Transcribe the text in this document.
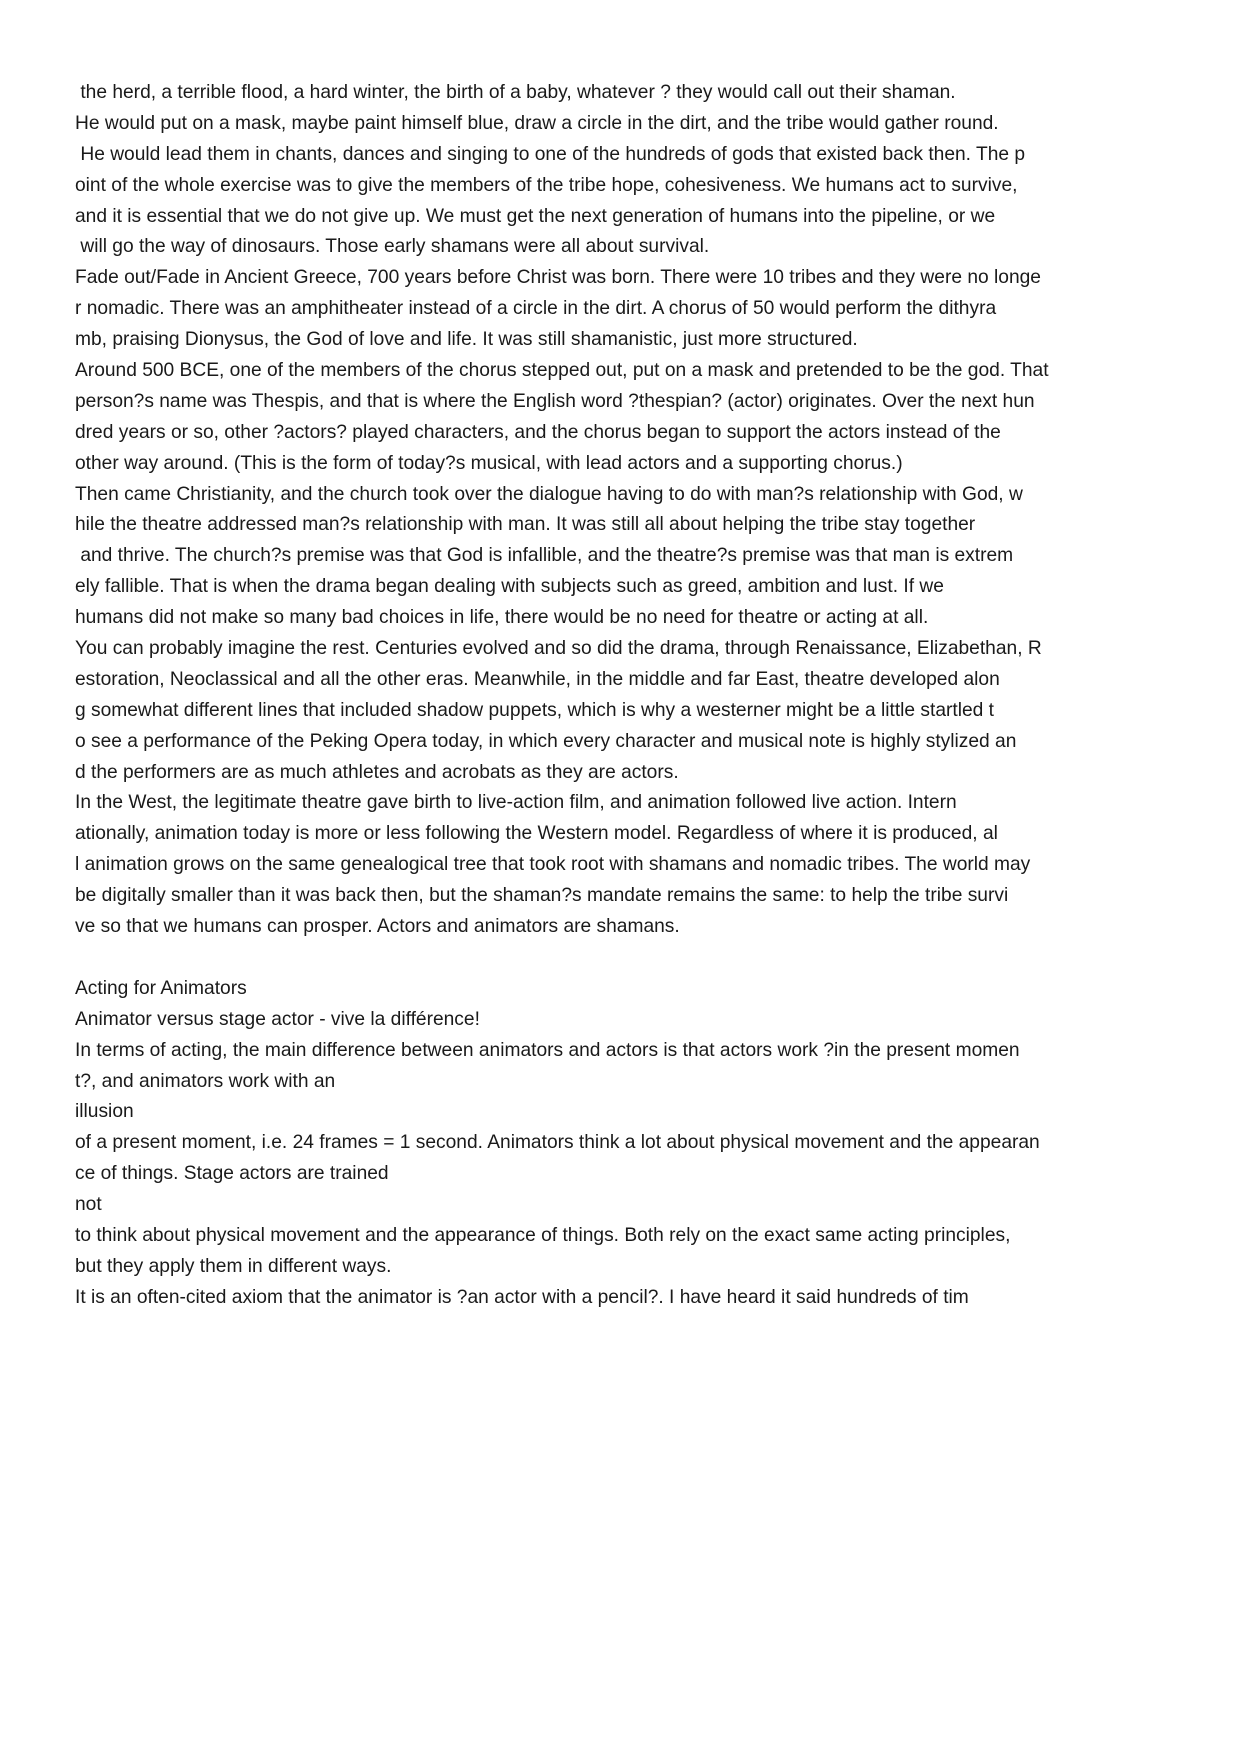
the herd, a terrible flood, a hard winter, the birth of a baby, whatever ? they would call out their shaman.
He would put on a mask, maybe paint himself blue, draw a circle in the dirt, and the tribe would gather round.
He would lead them in chants, dances and singing to one of the hundreds of gods that existed back then. The p
oint of the whole exercise was to give the members of the tribe hope, cohesiveness. We humans act to survive,
and it is essential that we do not give up. We must get the next generation of humans into the pipeline, or we
will go the way of dinosaurs. Those early shamans were all about survival.
Fade out/Fade in Ancient Greece, 700 years before Christ was born. There were 10 tribes and they were no longe
r nomadic. There was an amphitheater instead of a circle in the dirt. A chorus of 50 would perform the dithyra
mb, praising Dionysus, the God of love and life. It was still shamanistic, just more structured.
Around 500 BCE, one of the members of the chorus stepped out, put on a mask and pretended to be the god. That
person?s name was Thespis, and that is where the English word ?thespian? (actor) originates. Over the next hun
dred years or so, other ?actors? played characters, and the chorus began to support the actors instead of the
other way around. (This is the form of today?s musical, with lead actors and a supporting chorus.)
Then came Christianity, and the church took over the dialogue having to do with man?s relationship with God, w
hile the theatre addressed man?s relationship with man. It was still all about helping the tribe stay together
and thrive. The church?s premise was that God is infallible, and the theatre?s premise was that man is extrem
ely fallible. That is when the drama began dealing with subjects such as greed, ambition and lust. If we
humans did not make so many bad choices in life, there would be no need for theatre or acting at all.
You can probably imagine the rest. Centuries evolved and so did the drama, through Renaissance, Elizabethan, R
estoration, Neoclassical and all the other eras. Meanwhile, in the middle and far East, theatre developed alon
g somewhat different lines that included shadow puppets, which is why a westerner might be a little startled t
o see a performance of the Peking Opera today, in which every character and musical note is highly stylized an
d the performers are as much athletes and acrobats as they are actors.
In the West, the legitimate theatre gave birth to live-action film, and animation followed live action. Intern
ationally, animation today is more or less following the Western model. Regardless of where it is produced, al
l animation grows on the same genealogical tree that took root with shamans and nomadic tribes. The world may
be digitally smaller than it was back then, but the shaman?s mandate remains the same: to help the tribe survi
ve so that we humans can prosper. Actors and animators are shamans.
Acting for Animators
Animator versus stage actor - vive la différence!
In terms of acting, the main difference between animators and actors is that actors work ?in the present momen
t?, and animators work with an
illusion
of a present moment, i.e. 24 frames = 1 second. Animators think a lot about physical movement and the appearan
ce of things. Stage actors are trained
not
to think about physical movement and the appearance of things. Both rely on the exact same acting principles,
but they apply them in different ways.
It is an often-cited axiom that the animator is ?an actor with a pencil?. I have heard it said hundreds of tim
